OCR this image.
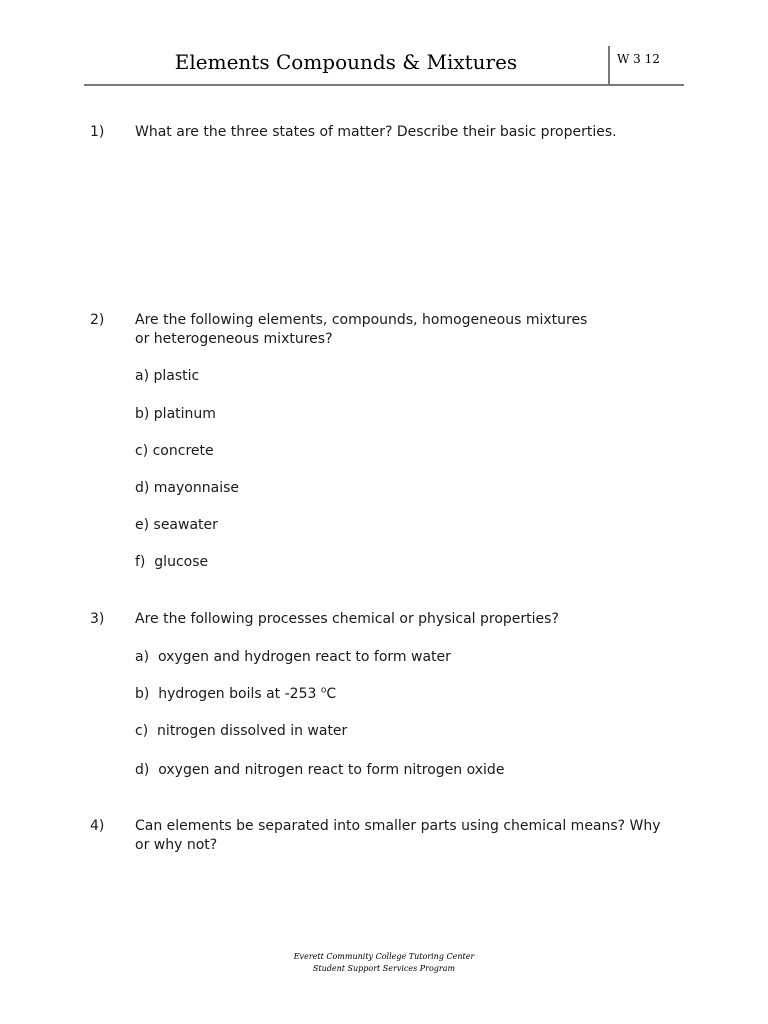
Elements Compounds & Mixtures	W 3 12
1) What are the three states of matter? Describe their basic properties.
2) Are the following elements, compounds, homogeneous mixtures or heterogeneous mixtures?
a) plastic
b) platinum
c) concrete
d) mayonnaise
e) seawater
f)  glucose
3) Are the following processes chemical or physical properties?
a)  oxygen and hydrogen react to form water
b)  hydrogen boils at -253 $^o$C
c)  nitrogen dissolved in water
d)  oxygen and nitrogen react to form nitrogen oxide
4) Can elements be separated into smaller parts using chemical means? Why or why not?
Everett Community College Tutoring Center
Student Support Services Program
